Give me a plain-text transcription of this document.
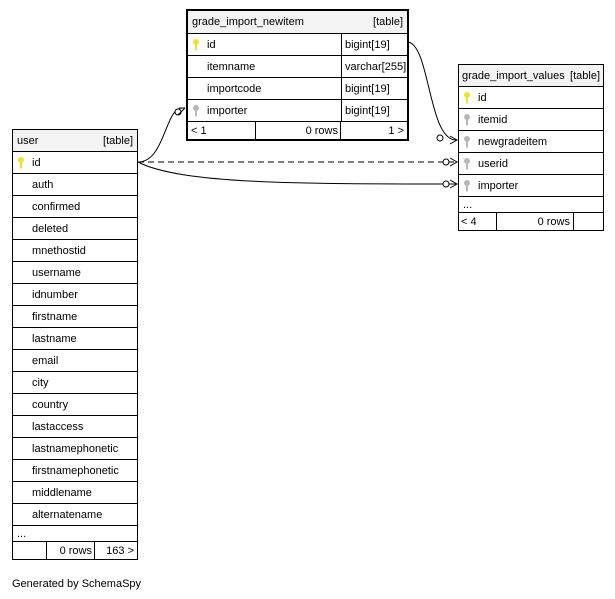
grade_import_newitem	[table]
id	bigint[19]
itemname	varchar[255]
importcode	bigint[19]
importer	bigint[19]
< 1	0 rows	1 >
grade_import_values [table]
id
itemid
newgradeitem
userid
importer
...
< 4	0 rows
user	[table]
id
auth
confirmed
deleted
mnethostid
username
idnumber
firstname
lastname
email
city
country
lastaccess
lastnamephonetic
firstnamephonetic
middlename
alternatename
...
0 rows	163 >
Generated by SchemaSpy
